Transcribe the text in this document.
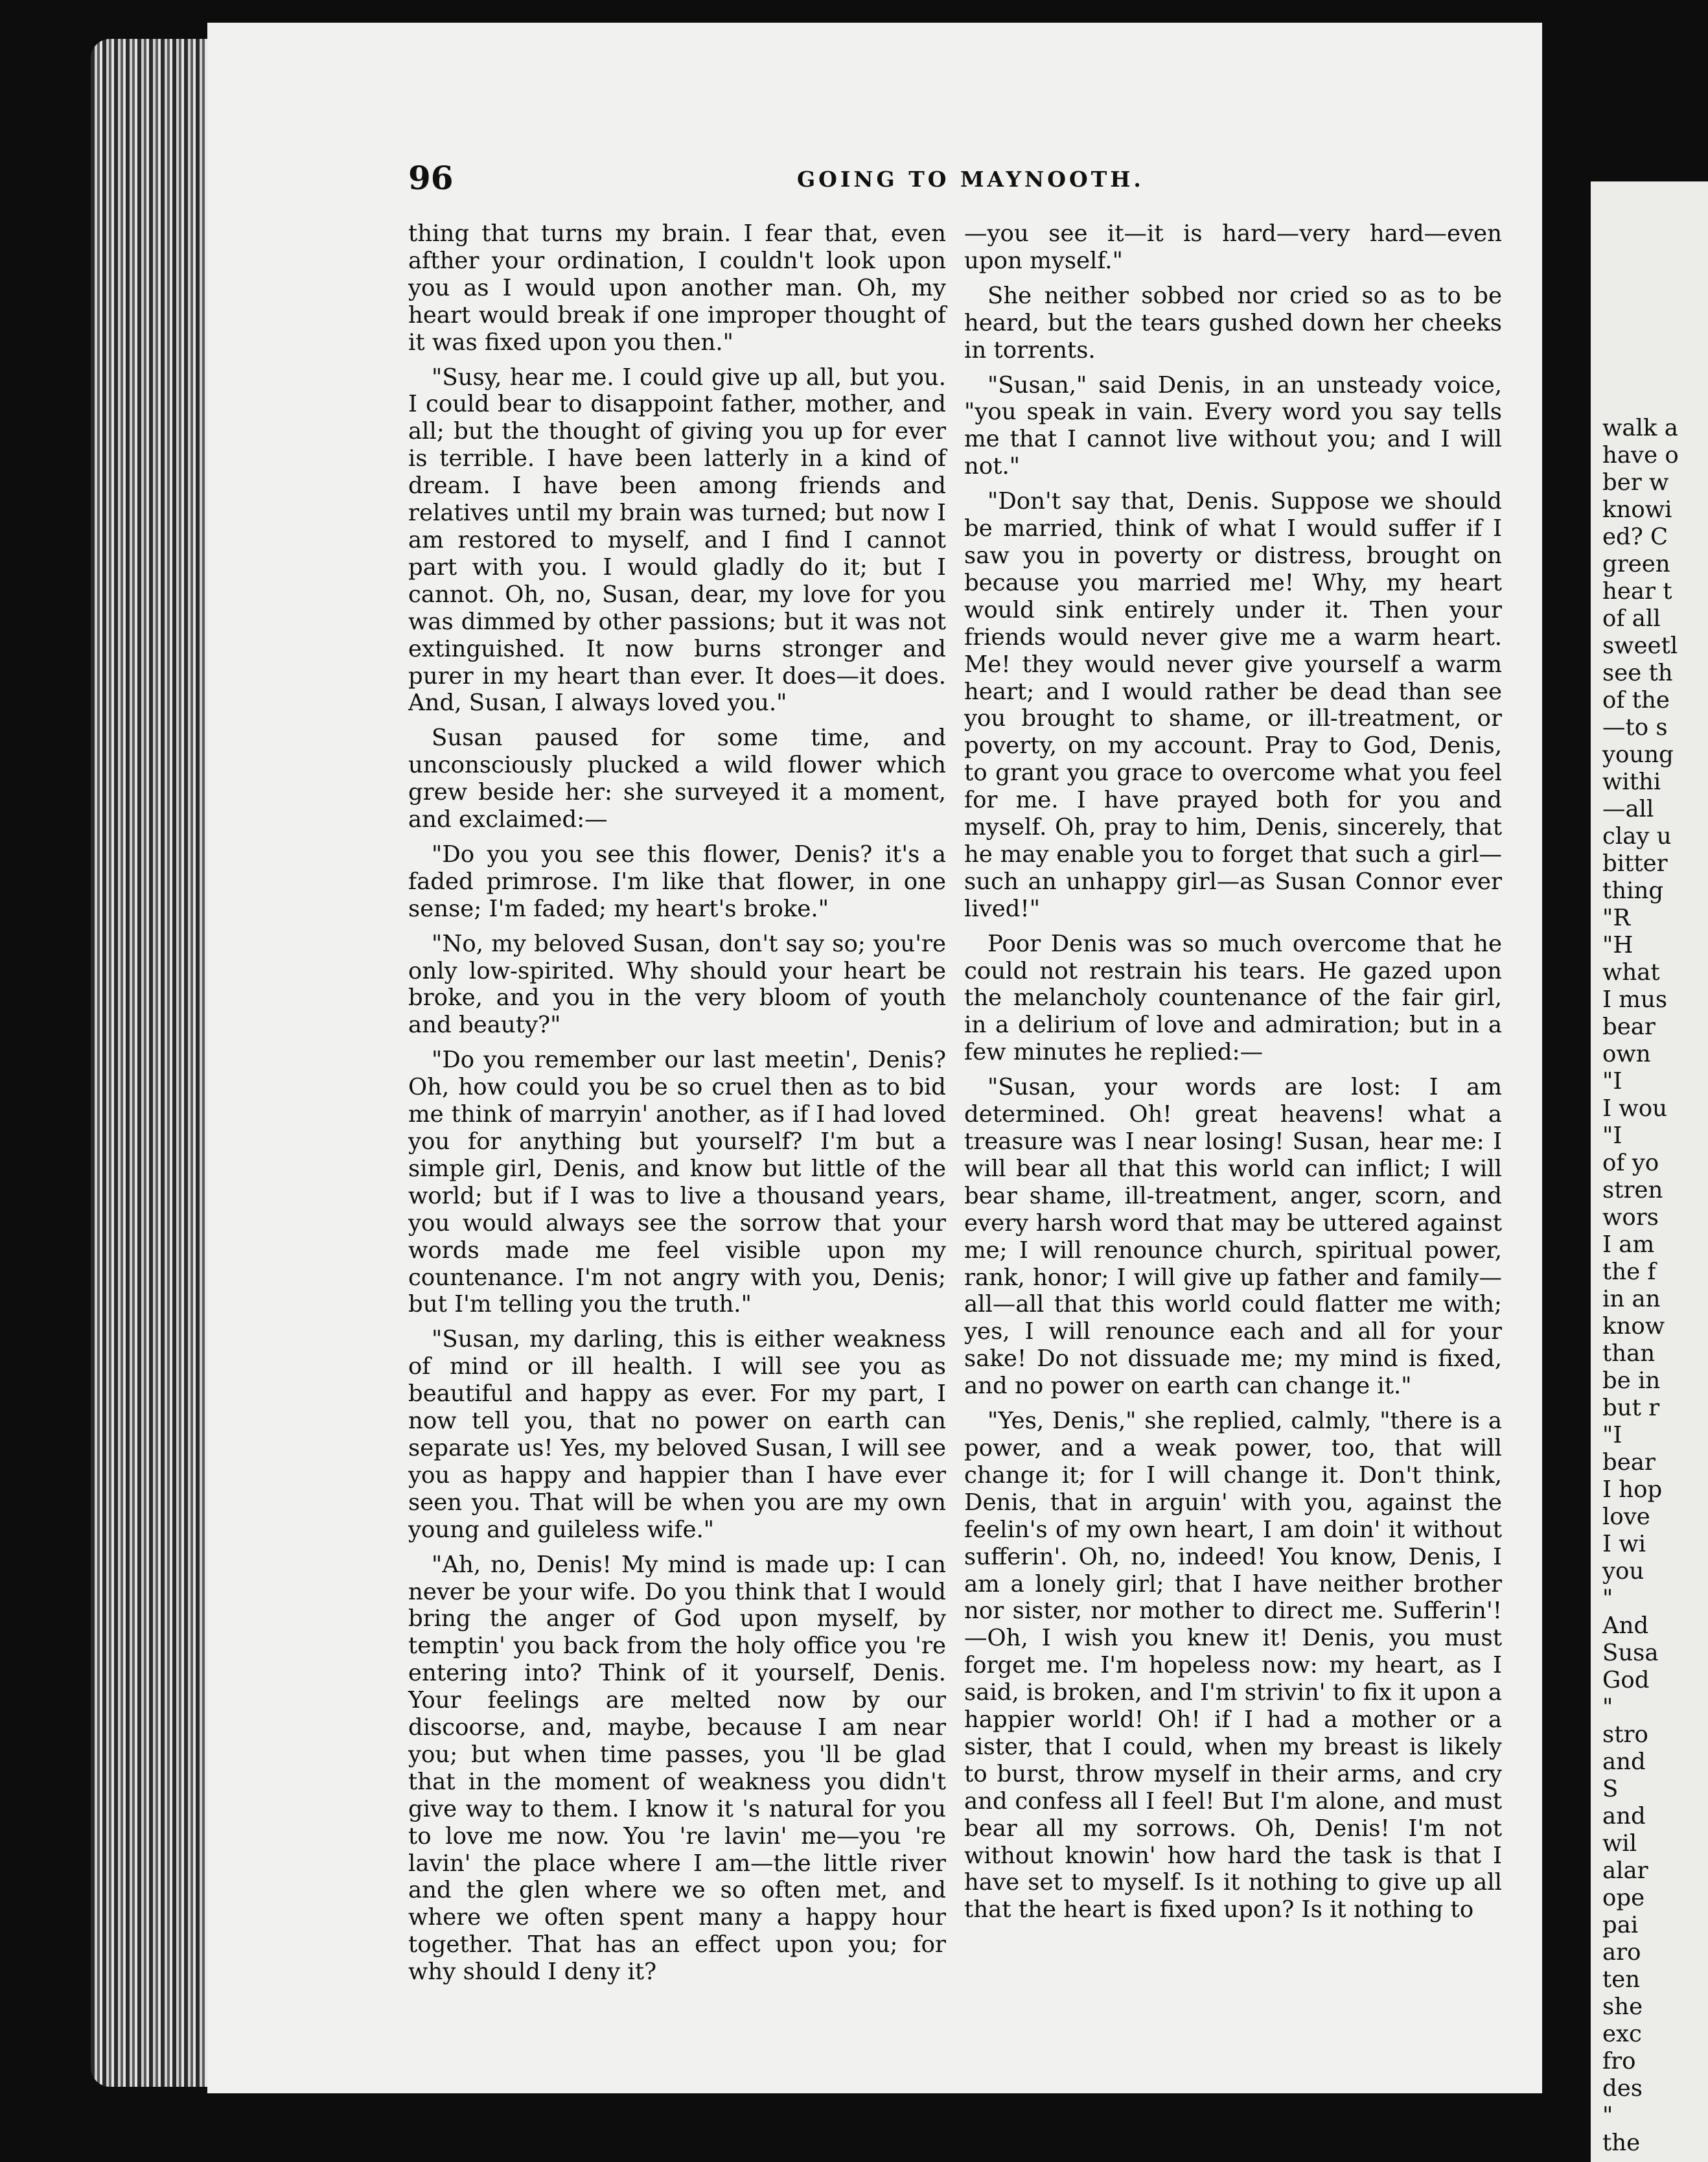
96	GOING TO MAYNOOTH.

thing that turns my brain. I fear that, even afther your ordination, I couldn't look upon you as I would upon another man. Oh, my heart would break if one improper thought of it was fixed upon you then."

"Susy, hear me. I could give up all, but you. I could bear to disappoint father, mother, and all; but the thought of giving you up for ever is terrible. I have been latterly in a kind of dream. I have been among friends and relatives until my brain was turned; but now I am restored to myself, and I find I cannot part with you. I would gladly do it; but I cannot. Oh, no, Susan, dear, my love for you was dimmed by other passions; but it was not extinguished. It now burns stronger and purer in my heart than ever. It does—it does. And, Susan, I always loved you."

Susan paused for some time, and unconsciously plucked a wild flower which grew beside her: she surveyed it a moment, and exclaimed:—

"Do you you see this flower, Denis? it's a faded primrose. I'm like that flower, in one sense; I'm faded; my heart's broke."

"No, my beloved Susan, don't say so; you're only low-spirited. Why should your heart be broke, and you in the very bloom of youth and beauty?"

"Do you remember our last meetin', Denis? Oh, how could you be so cruel then as to bid me think of marryin' another, as if I had loved you for anything but yourself? I'm but a simple girl, Denis, and know but little of the world; but if I was to live a thousand years, you would always see the sorrow that your words made me feel visible upon my countenance. I'm not angry with you, Denis; but I'm telling you the truth."

"Susan, my darling, this is either weakness of mind or ill health. I will see you as beautiful and happy as ever. For my part, I now tell you, that no power on earth can separate us! Yes, my beloved Susan, I will see you as happy and happier than I have ever seen you. That will be when you are my own young and guileless wife."

"Ah, no, Denis! My mind is made up: I can never be your wife. Do you think that I would bring the anger of God upon myself, by temptin' you back from the holy office you 're entering into? Think of it yourself, Denis. Your feelings are melted now by our discoorse, and, maybe, because I am near you; but when time passes, you 'll be glad that in the moment of weakness you didn't give way to them. I know it 's natural for you to love me now. You 're lavin' me—you 're lavin' the place where I am—the little river and the glen where we so often met, and where we often spent many a happy hour together. That has an effect upon you; for why should I deny it?

—you see it—it is hard—very hard—even upon myself."

She neither sobbed nor cried so as to be heard, but the tears gushed down her cheeks in torrents.

"Susan," said Denis, in an unsteady voice, "you speak in vain. Every word you say tells me that I cannot live without you; and I will not."

"Don't say that, Denis. Suppose we should be married, think of what I would suffer if I saw you in poverty or distress, brought on because you married me! Why, my heart would sink entirely under it. Then your friends would never give me a warm heart. Me! they would never give yourself a warm heart; and I would rather be dead than see you brought to shame, or ill-treatment, or poverty, on my account. Pray to God, Denis, to grant you grace to overcome what you feel for me. I have prayed both for you and myself. Oh, pray to him, Denis, sincerely, that he may enable you to forget that such a girl—such an unhappy girl—as Susan Connor ever lived!"

Poor Denis was so much overcome that he could not restrain his tears. He gazed upon the melancholy countenance of the fair girl, in a delirium of love and admiration; but in a few minutes he replied:—

"Susan, your words are lost: I am determined. Oh! great heavens! what a treasure was I near losing! Susan, hear me: I will bear all that this world can inflict; I will bear shame, ill-treatment, anger, scorn, and every harsh word that may be uttered against me; I will renounce church, spiritual power, rank, honor; I will give up father and family—all—all that this world could flatter me with; yes, I will renounce each and all for your sake! Do not dissuade me; my mind is fixed, and no power on earth can change it."

"Yes, Denis," she replied, calmly, "there is a power, and a weak power, too, that will change it; for I will change it. Don't think, Denis, that in arguin' with you, against the feelin's of my own heart, I am doin' it without sufferin'. Oh, no, indeed! You know, Denis, I am a lonely girl; that I have neither brother nor sister, nor mother to direct me. Sufferin'!—Oh, I wish you knew it! Denis, you must forget me. I'm hopeless now: my heart, as I said, is broken, and I'm strivin' to fix it upon a happier world! Oh! if I had a mother or a sister, that I could, when my breast is likely to burst, throw myself in their arms, and cry and confess all I feel! But I'm alone, and must bear all my sorrows. Oh, Denis! I'm not without knowin' how hard the task is that I have set to myself. Is it nothing to give up all that the heart is fixed upon? Is it nothing to

walk a
have o
ber w
knowi
ed? C
green
hear t
of all
sweetl
see th
of the
—to s
young
withi
—all
clay u
bitter
thing
"R
"H
what
I mus
bear
own
"I
I wou
"I
of yo
stren
wors
I am
the f
in an
know
than
be in
but r
"I
bear
I hop
love
I wi
you
"
And
Susa
God
"
stro
and
S
and
wil
alar
ope
pai
aro
ten
she
exc
fro
des
"
the
